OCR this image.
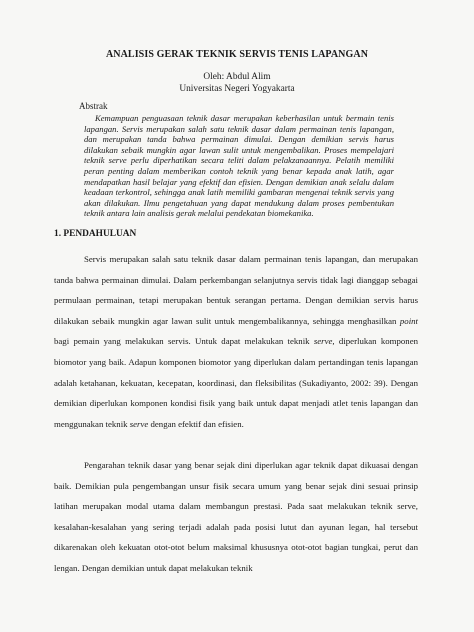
ANALISIS GERAK TEKNIK SERVIS TENIS LAPANGAN
Oleh: Abdul Alim
Universitas Negeri Yogyakarta
Abstrak

Kemampuan penguasaan teknik dasar merupakan keberhasilan untuk bermain tenis lapangan. Servis merupakan salah satu teknik dasar dalam permainan tenis lapangan, dan merupakan tanda bahwa permainan dimulai. Dengan demikian servis harus dilakukan sebaik mungkin agar lawan sulit untuk mengembalikan. Proses mempelajari teknik serve perlu diperhatikan secara teliti dalam pelakzanaannya. Pelatih memiliki peran penting dalam memberikan contoh teknik yang benar kepada anak latih, agar mendapatkan hasil belajar yang efektif dan efisien. Dengan demikian anak selalu dalam keadaan terkontrol, sehingga anak latih memiliki gambaran mengenai teknik servis yang akan dilakukan. Ilmu pengetahuan yang dapat mendukung dalam proses pembentukan teknik antara lain analisis gerak melalui pendekatan biomekanika.

1. PENDAHULUAN

Servis merupakan salah satu teknik dasar dalam permainan tenis lapangan, dan merupakan tanda bahwa permainan dimulai. Dalam perkembangan selanjutnya servis tidak lagi dianggap sebagai permulaan permainan, tetapi merupakan bentuk serangan pertama. Dengan demikian servis harus dilakukan sebaik mungkin agar lawan sulit untuk mengembalikannya, sehingga menghasilkan point bagi pemain yang melakukan servis. Untuk dapat melakukan teknik serve, diperlukan komponen biomotor yang baik. Adapun komponen biomotor yang diperlukan dalam pertandingan tenis lapangan adalah ketahanan, kekuatan, kecepatan, koordinasi, dan fleksibilitas (Sukadiyanto, 2002: 39). Dengan demikian diperlukan komponen kondisi fisik yang baik untuk dapat menjadi atlet tenis lapangan dan menggunakan teknik serve dengan efektif dan efisien.

Pengarahan teknik dasar yang benar sejak dini diperlukan agar teknik dapat dikuasai dengan baik. Demikian pula pengembangan unsur fisik secara umum yang benar sejak dini sesuai prinsip latihan merupakan modal utama dalam membangun prestasi. Pada saat melakukan teknik serve, kesalahan-kesalahan yang sering terjadi adalah pada posisi lutut dan ayunan legan, hal tersebut dikarenakan oleh kekuatan otot-otot belum maksimal khususnya otot-otot bagian tungkai, perut dan lengan. Dengan demikian untuk dapat melakukan teknik
